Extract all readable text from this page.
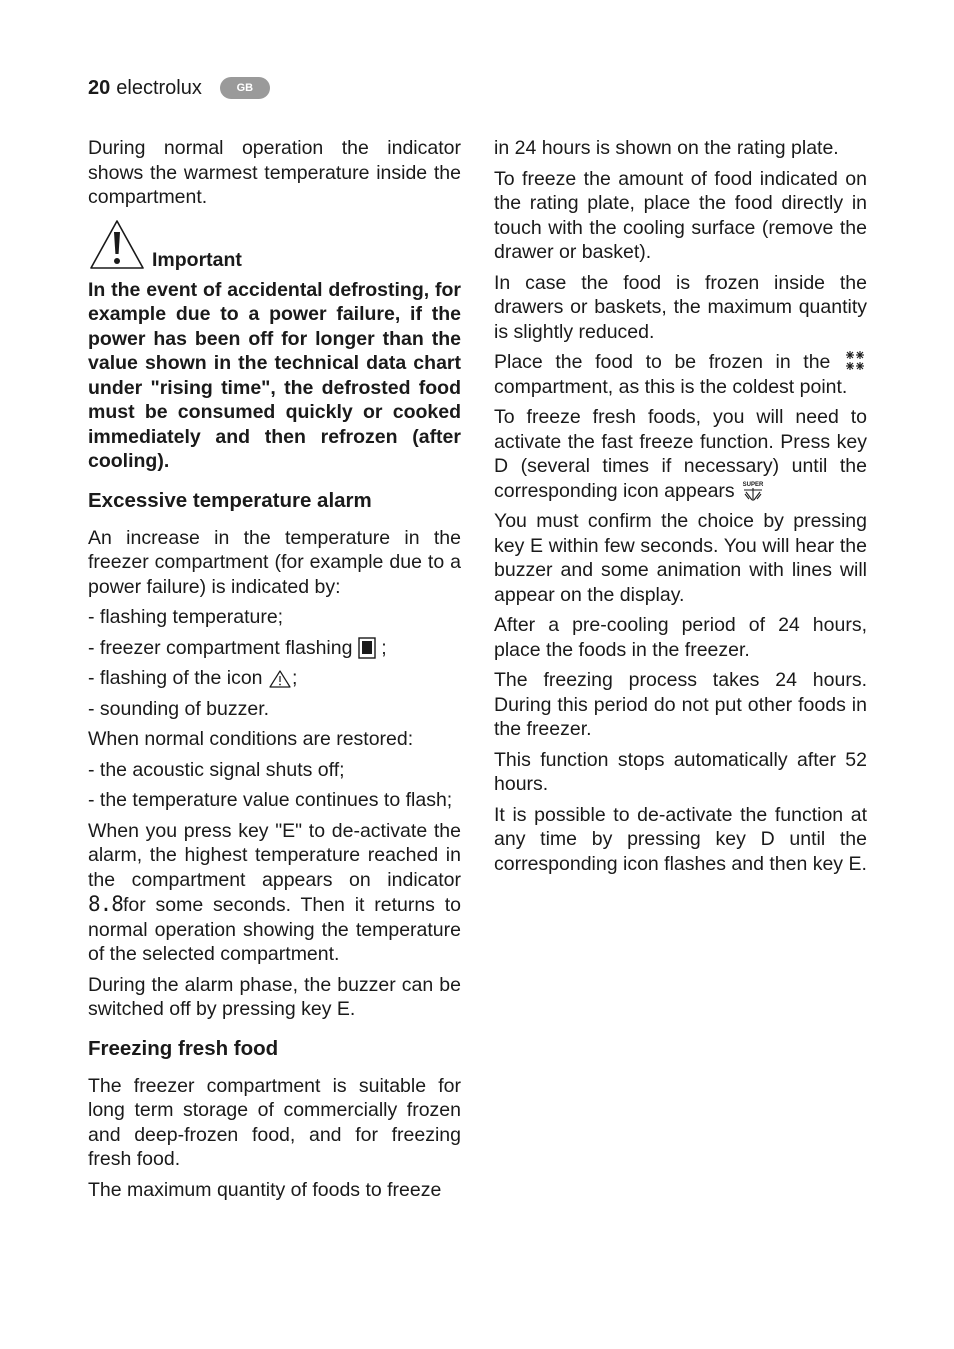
20 electrolux	GB

During normal operation the indicator shows the warmest temperature inside the compartment.

Important

In the event of accidental defrosting, for example due to a power failure, if the power has been off for longer than the value shown in the technical data chart under "rising time", the defrosted food must be consumed quickly or cooked immediately and then refrozen (after cooling).

Excessive temperature alarm

An increase in the temperature in the freezer compartment (for example due to a power failure) is indicated by:

- flashing temperature;

- freezer compartment flashing ;

- flashing of the icon ;

- sounding of buzzer.

When normal conditions are restored:

- the acoustic signal shuts off;

- the temperature value continues to flash;

When you press key "E" to de-activate the alarm, the highest temperature reached in the compartment appears on indicator 8.8for some seconds. Then it returns to normal operation showing the temperature of the selected compartment.

During the alarm phase, the buzzer can be switched off by pressing key E.

Freezing fresh food

The freezer compartment is suitable for long term storage of commercially frozen and deep-frozen food, and for freezing fresh food.

The maximum quantity of foods to freeze

in 24 hours is shown on the rating plate.

To freeze the amount of food indicated on the rating plate, place the food directly in touch with the cooling surface (remove the drawer or basket).

In case the food is frozen inside the drawers or baskets, the maximum quantity is slightly reduced.

Place the food to be frozen in the  compartment, as this is the coldest point.

To freeze fresh foods, you will need to activate the fast freeze function. Press key D (several times if necessary) until the corresponding icon appears SUPER

You must confirm the choice by pressing key E within few seconds. You will hear the buzzer and some animation with lines will appear on the display.

After a pre-cooling period of 24 hours, place the foods in the freezer.

The freezing process takes 24 hours. During this period do not put other foods in the freezer.

This function stops automatically after 52 hours.

It is possible to de-activate the function at any time by pressing key D until the corresponding icon flashes and then key E.
